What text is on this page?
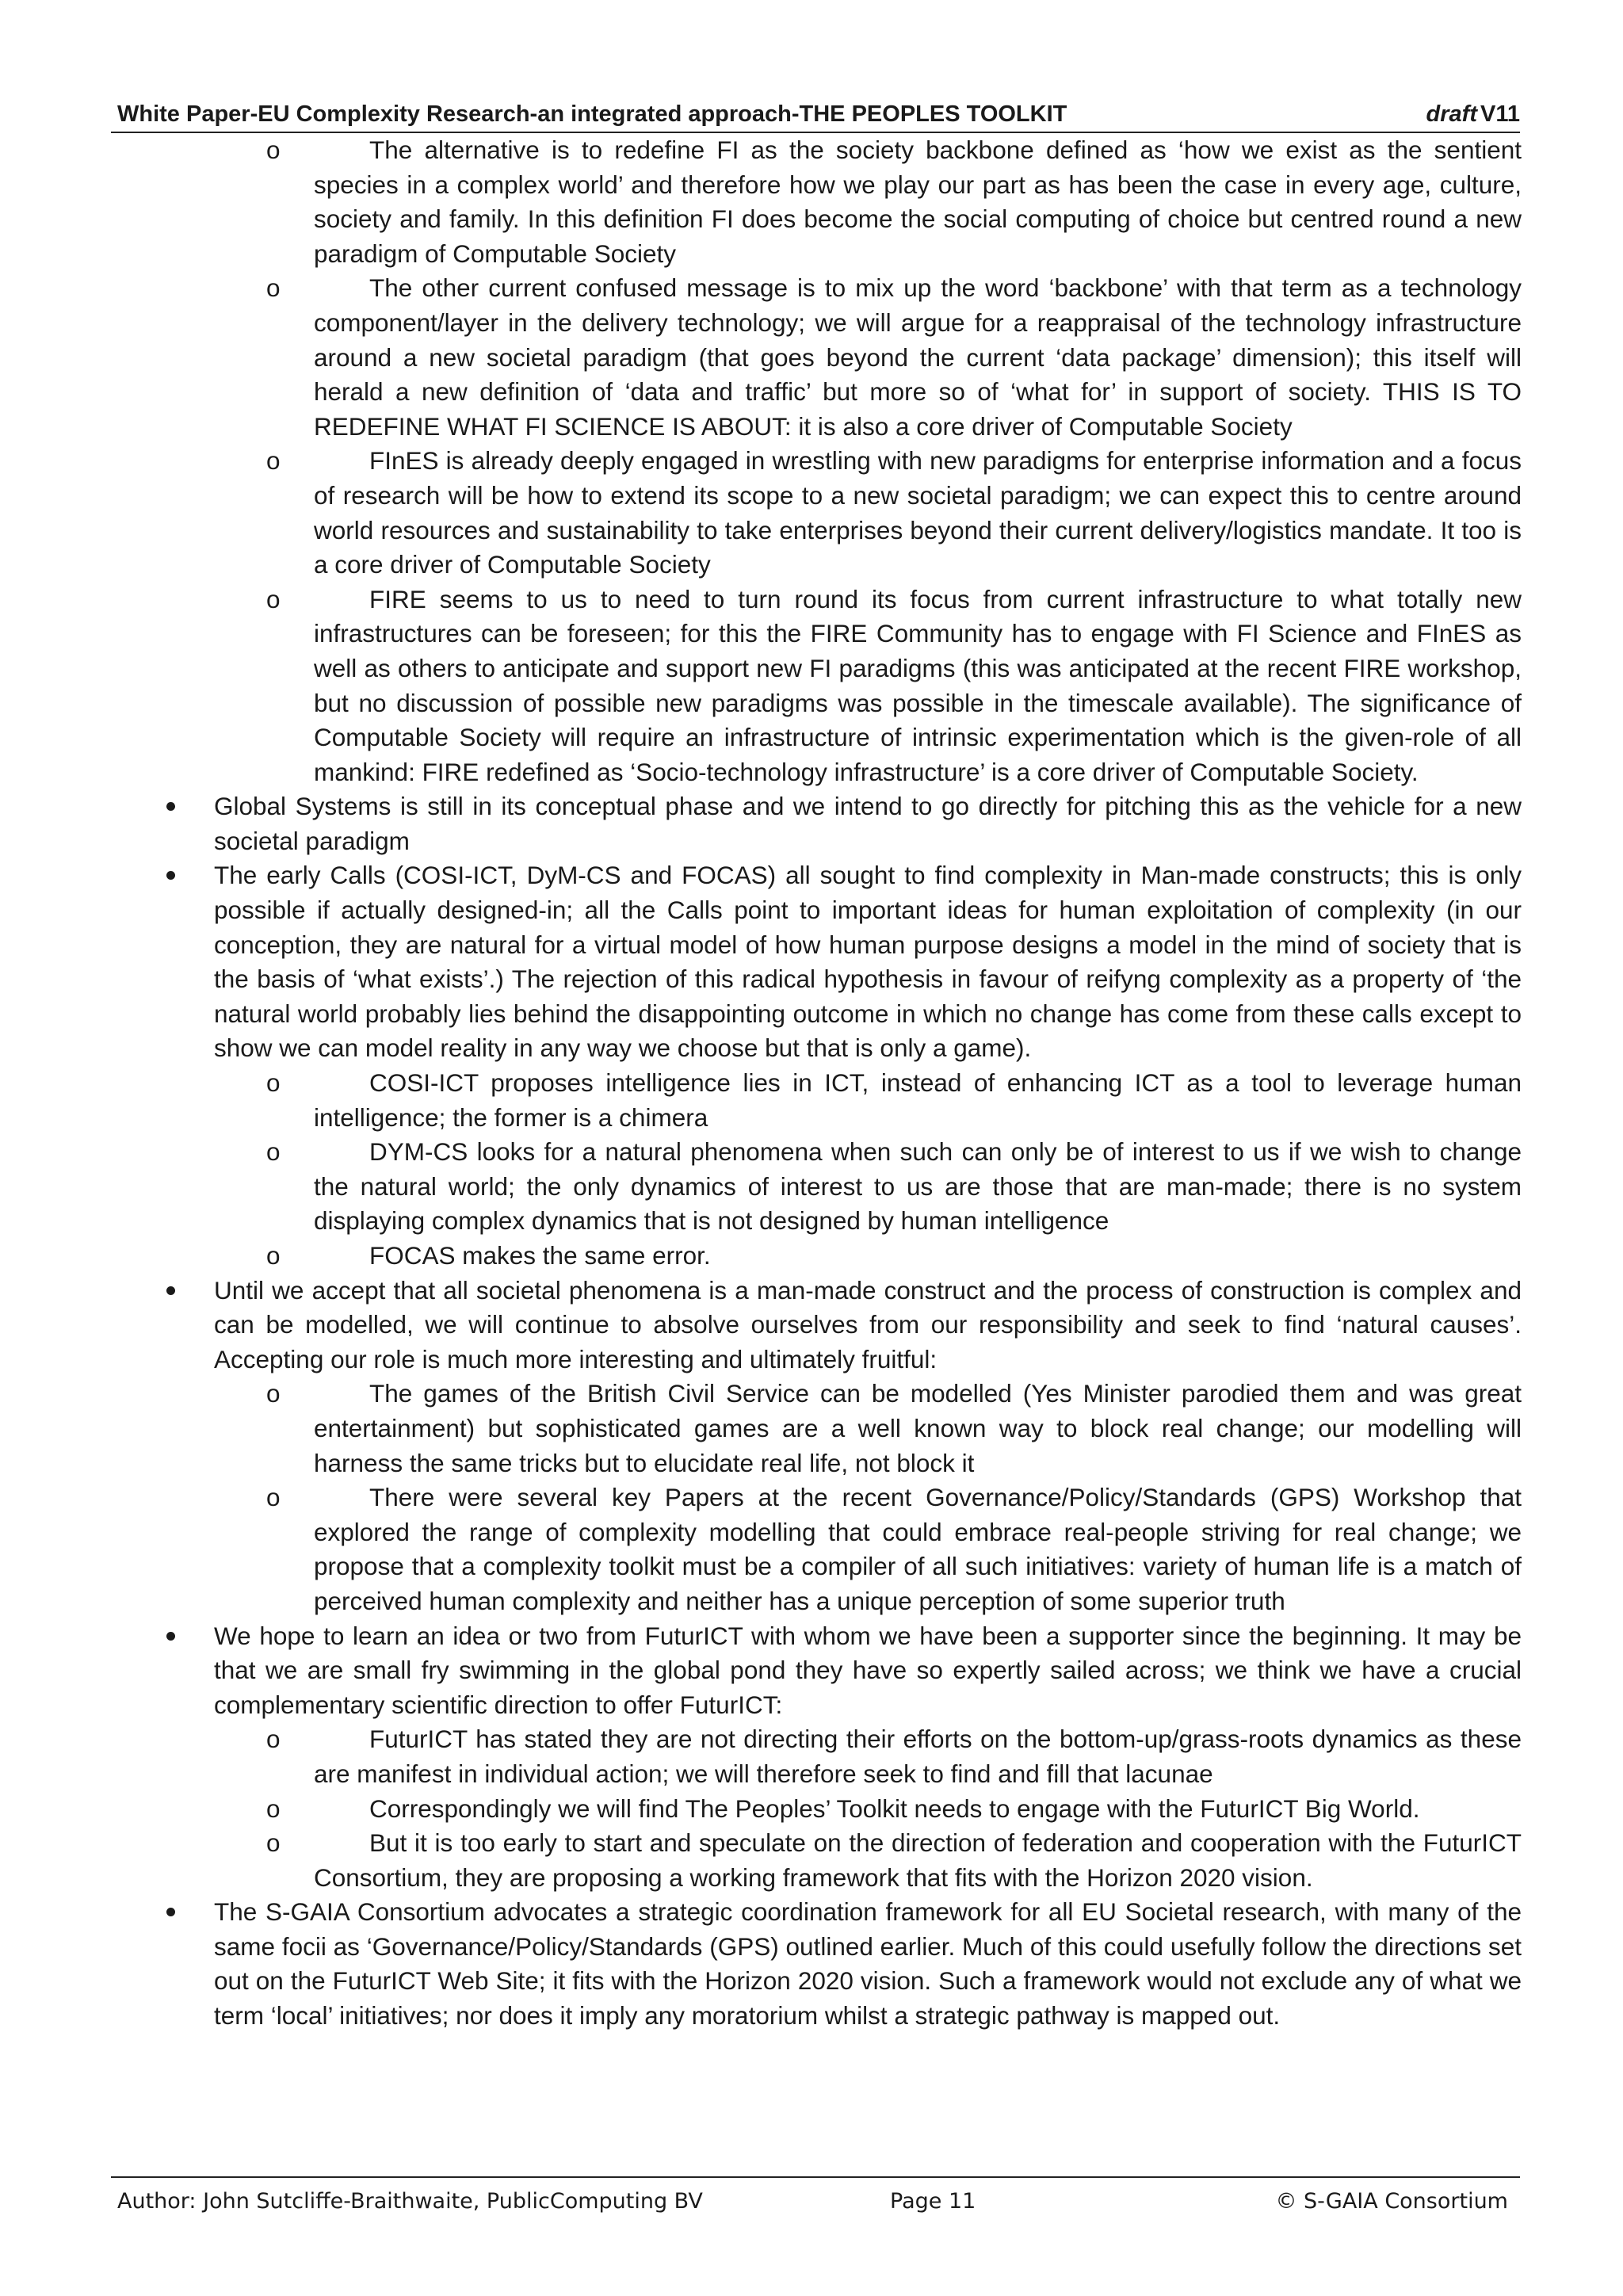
White Paper-EU Complexity Research-an integrated approach-THE PEOPLES TOOLKIT	draft V11

o	The alternative is to redefine FI as the society backbone defined as ‘how we exist as the sentient species in a complex world’ and therefore how we play our part as has been the case in every age, culture, society and family. In this definition FI does become the social computing of choice but centred round a new paradigm of Computable Society

o	The other current confused message is to mix up the word ‘backbone’ with that term as a technology component/layer in the delivery technology; we will argue for a reappraisal of the technology infrastructure around a new societal paradigm (that goes beyond the current ‘data package’ dimension); this itself will herald a new definition of ‘data and traffic’ but more so of ‘what for’ in support of society. THIS IS TO REDEFINE WHAT FI SCIENCE IS ABOUT: it is also a core driver of Computable Society

o	FInES is already deeply engaged in wrestling with new paradigms for enterprise information and a focus of research will be how to extend its scope to a new societal paradigm; we can expect this to centre around world resources and sustainability to take enterprises beyond their current delivery/logistics mandate. It too is a core driver of Computable Society

o	FIRE seems to us to need to turn round its focus from current infrastructure to what totally new infrastructures can be foreseen; for this the FIRE Community has to engage with FI Science and FInES as well as others to anticipate and support new FI paradigms (this was anticipated at the recent FIRE workshop, but no discussion of possible new paradigms was possible in the timescale available). The significance of Computable Society will require an infrastructure of intrinsic experimentation which is the given-role of all mankind: FIRE redefined as ‘Socio-technology infrastructure’ is a core driver of Computable Society.

Global Systems is still in its conceptual phase and we intend to go directly for pitching this as the vehicle for a new societal paradigm

The early Calls (COSI-ICT, DyM-CS and FOCAS) all sought to find complexity in Man-made constructs; this is only possible if actually designed-in; all the Calls point to important ideas for human exploitation of complexity (in our conception, they are natural for a virtual model of how human purpose designs a model in the mind of society that is the basis of ‘what exists’.) The rejection of this radical hypothesis in favour of reifyng complexity as a property of ‘the natural world probably lies behind the disappointing outcome in which no change has come from these calls except to show we can model reality in any way we choose but that is only a game).

o	COSI-ICT proposes intelligence lies in ICT, instead of enhancing ICT as a tool to leverage human intelligence; the former is a chimera

o	DYM-CS looks for a natural phenomena when such can only be of interest to us if we wish to change the natural world; the only dynamics of interest to us are those that are man-made; there is no system displaying complex dynamics that is not designed by human intelligence

o	FOCAS makes the same error.

Until we accept that all societal phenomena is a man-made construct and the process of construction is complex and can be modelled, we will continue to absolve ourselves from our responsibility and seek to find ‘natural causes’. Accepting our role is much more interesting and ultimately fruitful:

o	The games of the British Civil Service can be modelled (Yes Minister parodied them and was great entertainment) but sophisticated games are a well known way to block real change; our modelling will harness the same tricks but to elucidate real life, not block it

o	There were several key Papers at the recent Governance/Policy/Standards (GPS) Workshop that explored the range of complexity modelling that could embrace real-people striving for real change; we propose that a complexity toolkit must be a compiler of all such initiatives: variety of human life is a match of perceived human complexity and neither has a unique perception of some superior truth

We hope to learn an idea or two from FuturICT with whom we have been a supporter since the beginning. It may be that we are small fry swimming in the global pond they have so expertly sailed across; we think we have a crucial complementary scientific direction to offer FuturICT:

o	FuturICT has stated they are not directing their efforts on the bottom-up/grass-roots dynamics as these are manifest in individual action; we will therefore seek to find and fill that lacunae

o	Correspondingly we will find The Peoples’ Toolkit needs to engage with the FuturICT Big World.

o	But it is too early to start and speculate on the direction of federation and cooperation with the FuturICT Consortium, they are proposing a working framework that fits with the Horizon 2020 vision.

The S-GAIA Consortium advocates a strategic coordination framework for all EU Societal research, with many of the same focii as ‘Governance/Policy/Standards (GPS) outlined earlier. Much of this could usefully follow the directions set out on the FuturICT Web Site; it fits with the Horizon 2020 vision. Such a framework would not exclude any of what we term ‘local’ initiatives; nor does it imply any moratorium whilst a strategic pathway is mapped out.

Author: John Sutcliffe-Braithwaite, PublicComputing BV	Page 11	© S-GAIA Consortium
